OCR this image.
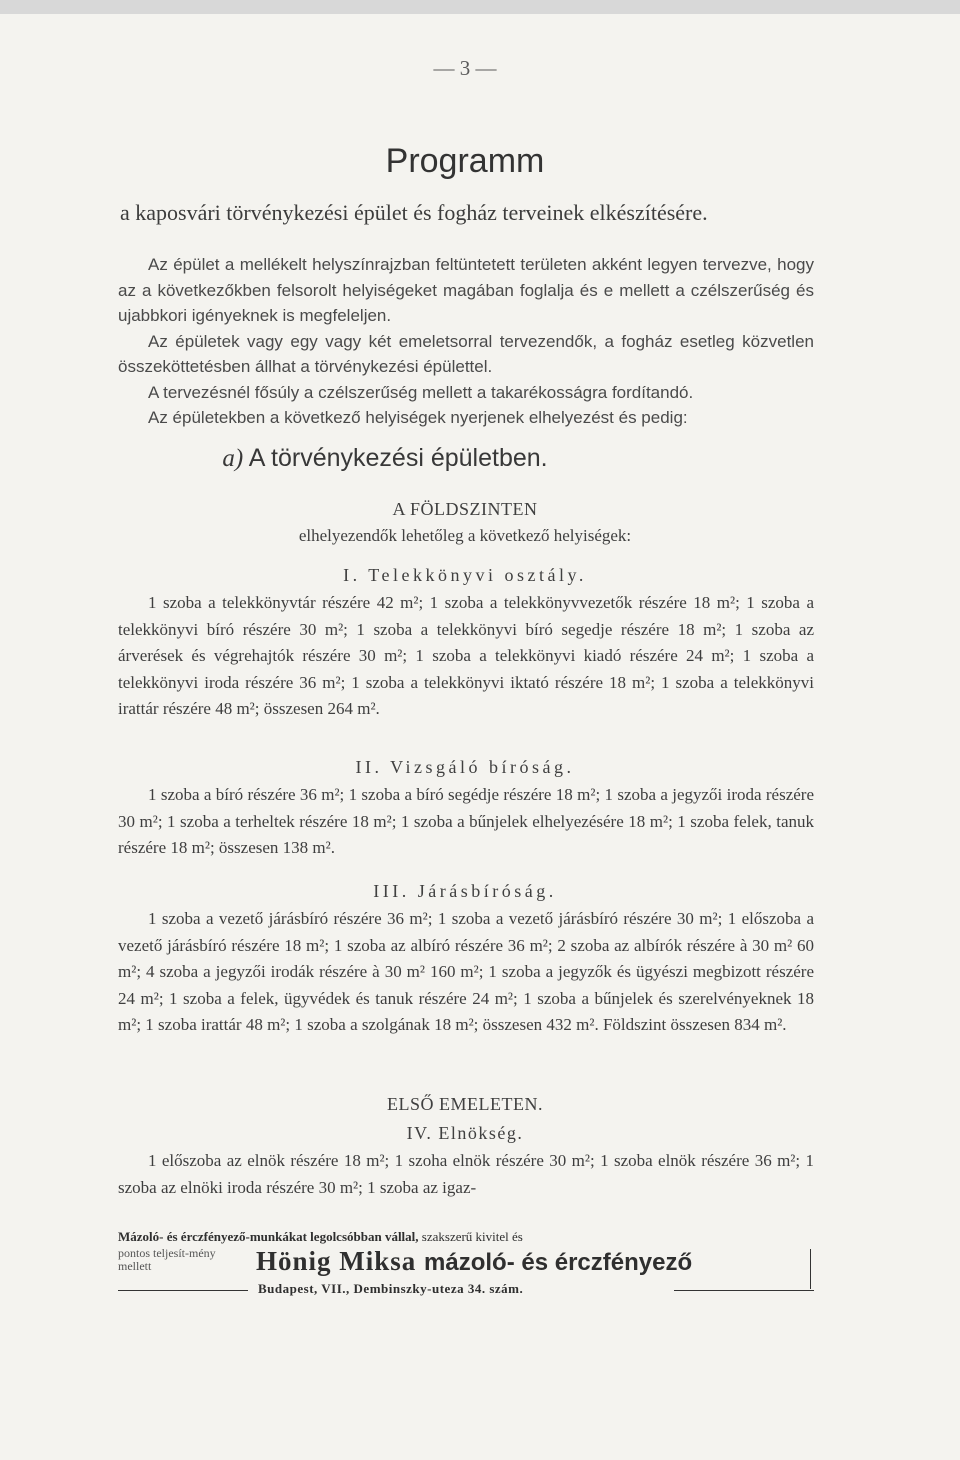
— 3 —
Programm
a kaposvári törvénykezési épület és fogház terveinek elkészítésére.

Az épület a mellékelt helyszínrajzban feltüntetett területen akként legyen tervezve, hogy az a következőkben felsorolt helyiségeket magában foglalja és e mellett a czélszerűség és ujabbkori igényeknek is megfeleljen.

Az épületek vagy egy vagy két emeletsorral tervezendők, a fogház esetleg közvetlen összeköttetésben állhat a törvénykezési épülettel.

A tervezésnél fősúly a czélszerűség mellett a takarékosságra fordítandó.

Az épületekben a következő helyiségek nyerjenek elhelyezést és pedig:

a) A törvénykezési épületben.
A FÖLDSZINTEN
elhelyezendők lehetőleg a következő helyiségek:
I. Telekkönyvi osztály.

1 szoba a telekkönyvtár részére 42 m²; 1 szoba a telekkönyvvezetők részére 18 m²; 1 szoba a telekkönyvi bíró részére 30 m²; 1 szoba a telekkönyvi bíró segedje részére 18 m²; 1 szoba az árverések és végrehajtók részére 30 m²; 1 szoba a telekkönyvi kiadó részére 24 m²; 1 szoba a telekkönyvi iroda részére 36 m²; 1 szoba a telekkönyvi iktató részére 18 m²; 1 szoba a telekkönyvi irattár részére 48 m²; összesen 264 m².

II. Vizsgáló bíróság.

1 szoba a bíró részére 36 m²; 1 szoba a bíró segédje részére 18 m²; 1 szoba a jegyzői iroda részére 30 m²; 1 szoba a terheltek részére 18 m²; 1 szoba a bűnjelek elhelyezésére 18 m²; 1 szoba felek, tanuk részére 18 m²; összesen 138 m².

III. Járásbíróság.

1 szoba a vezető járásbíró részére 36 m²; 1 szoba a vezető járásbíró részére 30 m²; 1 előszoba a vezető járásbíró részére 18 m²; 1 szoba az albíró részére 36 m²; 2 szoba az albírók részére à 30 m² 60 m²; 4 szoba a jegyzői irodák részére à 30 m² 160 m²; 1 szoba a jegyzők és ügyészi megbizott részére 24 m²; 1 szoba a felek, ügyvédek és tanuk részére 24 m²; 1 szoba a bűnjelek és szerelvényeknek 18 m²; 1 szoba irattár 48 m²; 1 szoba a szolgának 18 m²; összesen 432 m². Földszint összesen 834 m².

ELSŐ EMELETEN.
IV. Elnökség.

1 előszoba az elnök részére 18 m²; 1 szoha elnök részére 30 m²; 1 szoba elnök részére 36 m²; 1 szoba az elnöki iroda részére 30 m²; 1 szoba az igaz-

Mázoló- és érczfényező-munkákat legolcsóbban vállal, szakszerű kivitel és
pontos teljesít-mény mellett	Hönig Miksa mázoló- és érczfényező
Budapest, VII., Dembinszky-uteza 34. szám.
